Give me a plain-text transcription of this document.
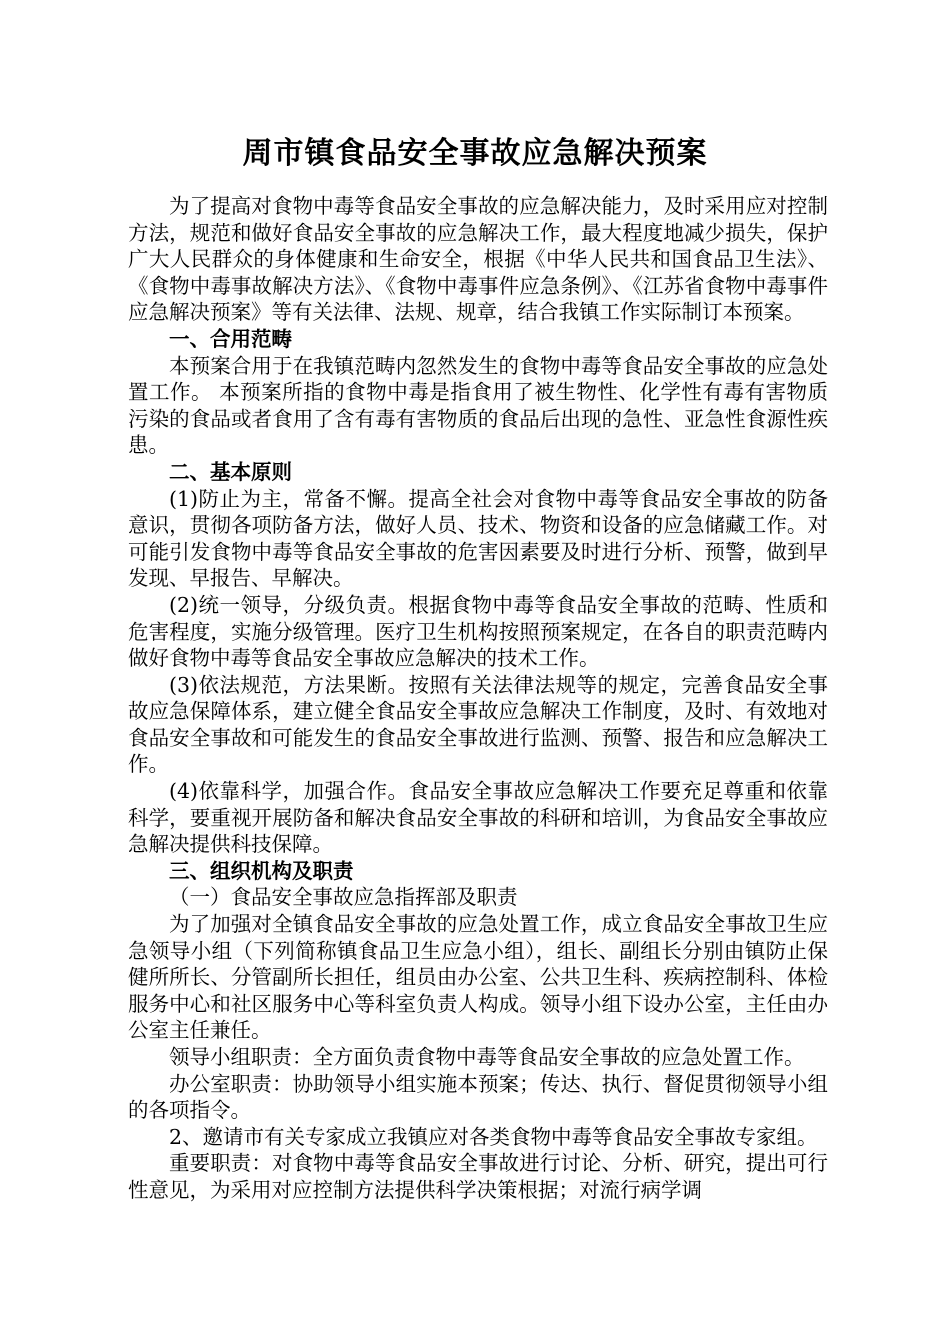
周市镇食品安全事故应急解决预案

为了提高对食物中毒等食品安全事故的应急解决能力，及时采用应对控制方法，规范和做好食品安全事故的应急解决工作，最大程度地减少损失，保护广大人民群众的身体健康和生命安全，根据《中华人民共和国食品卫生法》、《食物中毒事故解决方法》、《食物中毒事件应急条例》、《江苏省食物中毒事件应急解决预案》等有关法律、法规、规章，结合我镇工作实际制订本预案。

一、合用范畴

本预案合用于在我镇范畴内忽然发生的食物中毒等食品安全事故的应急处置工作。 本预案所指的食物中毒是指食用了被生物性、化学性有毒有害物质污染的食品或者食用了含有毒有害物质的食品后出现的急性、亚急性食源性疾患。

二、基本原则

(1)防止为主，常备不懈。提高全社会对食物中毒等食品安全事故的防备意识，贯彻各项防备方法，做好人员、技术、物资和设备的应急储藏工作。对可能引发食物中毒等食品安全事故的危害因素要及时进行分析、预警，做到早发现、早报告、早解决。

(2)统一领导，分级负责。根据食物中毒等食品安全事故的范畴、性质和危害程度，实施分级管理。医疗卫生机构按照预案规定，在各自的职责范畴内做好食物中毒等食品安全事故应急解决的技术工作。

(3)依法规范，方法果断。按照有关法律法规等的规定，完善食品安全事故应急保障体系，建立健全食品安全事故应急解决工作制度，及时、有效地对食品安全事故和可能发生的食品安全事故进行监测、预警、报告和应急解决工作。

(4)依靠科学，加强合作。食品安全事故应急解决工作要充足尊重和依靠科学，要重视开展防备和解决食品安全事故的科研和培训，为食品安全事故应急解决提供科技保障。

三、组织机构及职责

（一）食品安全事故应急指挥部及职责

为了加强对全镇食品安全事故的应急处置工作，成立食品安全事故卫生应急领导小组（下列简称镇食品卫生应急小组），组长、副组长分别由镇防止保健所所长、分管副所长担任，组员由办公室、公共卫生科、疾病控制科、体检服务中心和社区服务中心等科室负责人构成。领导小组下设办公室，主任由办公室主任兼任。

领导小组职责：全方面负责食物中毒等食品安全事故的应急处置工作。

办公室职责：协助领导小组实施本预案；传达、执行、督促贯彻领导小组的各项指令。

2、邀请市有关专家成立我镇应对各类食物中毒等食品安全事故专家组。

重要职责：对食物中毒等食品安全事故进行讨论、分析、研究，提出可行性意见，为采用对应控制方法提供科学决策根据；对流行病学调
